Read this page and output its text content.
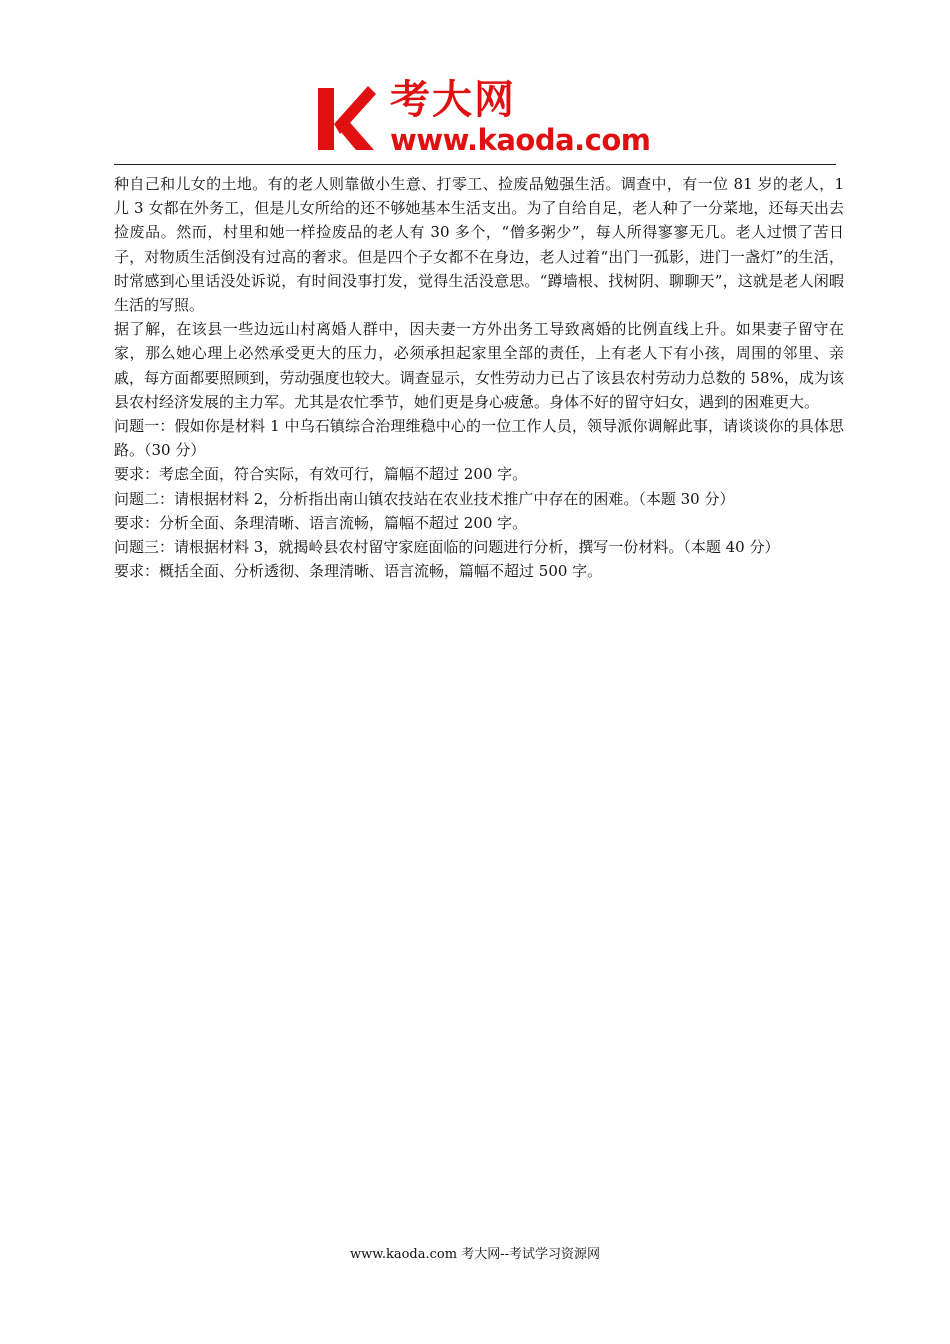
考大网
www.kaoda.com

种自己和儿女的土地。有的老人则靠做小生意、打零工、捡废品勉强生活。调查中，有一位 81 岁的老人，1 儿 3 女都在外务工，但是儿女所给的还不够她基本生活支出。为了自给自足，老人种了一分菜地，还每天出去捡废品。然而，村里和她一样捡废品的老人有 30 多个，“僧多粥少”，每人所得寥寥无几。老人过惯了苦日子，对物质生活倒没有过高的奢求。但是四个子女都不在身边，老人过着“出门一孤影，进门一盏灯”的生活，时常感到心里话没处诉说，有时间没事打发，觉得生活没意思。“蹲墙根、找树阴、聊聊天”，这就是老人闲暇生活的写照。

据了解，在该县一些边远山村离婚人群中，因夫妻一方外出务工导致离婚的比例直线上升。如果妻子留守在家，那么她心理上必然承受更大的压力，必须承担起家里全部的责任，上有老人下有小孩，周围的邻里、亲戚，每方面都要照顾到，劳动强度也较大。调查显示，女性劳动力已占了该县农村劳动力总数的 58%，成为该县农村经济发展的主力军。尤其是农忙季节，她们更是身心疲惫。身体不好的留守妇女，遇到的困难更大。

问题一：假如你是材料 1 中乌石镇综合治理维稳中心的一位工作人员，领导派你调解此事，请谈谈你的具体思路。（30 分）

要求：考虑全面，符合实际，有效可行，篇幅不超过 200 字。

问题二：请根据材料 2，分析指出南山镇农技站在农业技术推广中存在的困难。（本题 30 分）

要求：分析全面、条理清晰、语言流畅，篇幅不超过 200 字。

问题三：请根据材料 3，就揭岭县农村留守家庭面临的问题进行分析，撰写一份材料。（本题 40 分）

要求：概括全面、分析透彻、条理清晰、语言流畅，篇幅不超过 500 字。

www.kaoda.com 考大网--考试学习资源网
